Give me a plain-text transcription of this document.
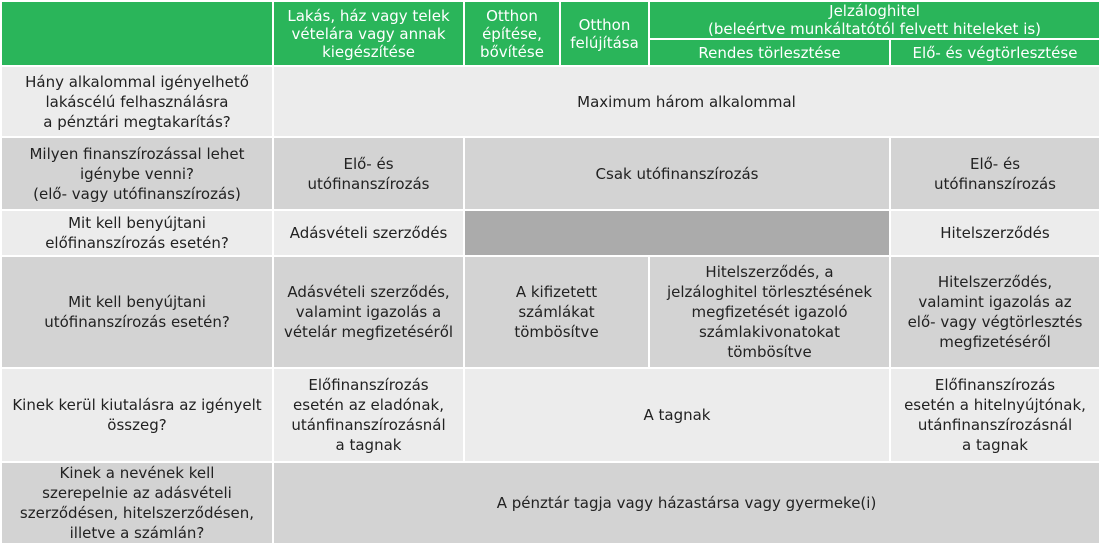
	Lakás, ház vagy telek vételára vagy annak kiegészítése	Otthon építése, bővítése	Otthon felújítása	Jelzáloghitel
(beleértve munkáltatótól felvett hiteleket is)	

				Rendes törlesztése	Elő- és végtörlesztése
Hány alkalommal igényelhető
lakáscélú felhasználásra
a pénztári megtakarítás?	Maximum három alkalommal				
Milyen finanszírozással lehet
igénybe venni?
(elő- vagy utófinanszírozás)	Elő- és
utófinanszírozás	Csak utófinanszírozás			Elő- és
utófinanszírozás
Mit kell benyújtani
előfinanszírozás esetén?	Adásvételi szerződés				Hitelszerződés
Mit kell benyújtani
utófinanszírozás esetén?	Adásvételi szerződés,
valamint igazolás a
vételár megfizetéséről	A kifizetett
számlákat
tömbösítve		Hitelszerződés, a
jelzáloghitel törlesztésének
megfizetését igazoló
számlakivonatokat
tömbösítve	Hitelszerződés,
valamint igazolás az
elő- vagy végtörlesztés
megfizetéséről
Kinek kerül kiutalásra az igényelt
összeg?	Előfinanszírozás
esetén az eladónak,
utánfinanszírozásnál
a tagnak	A tagnak			Előfinanszírozás
esetén a hitelnyújtónak,
utánfinanszírozásnál
a tagnak
Kinek a nevének kell
szerepelnie az adásvételi
szerződésen, hitelszerződésen,
illetve a számlán?	A pénztár tagja vagy házastársa vagy gyermeke(i)				
